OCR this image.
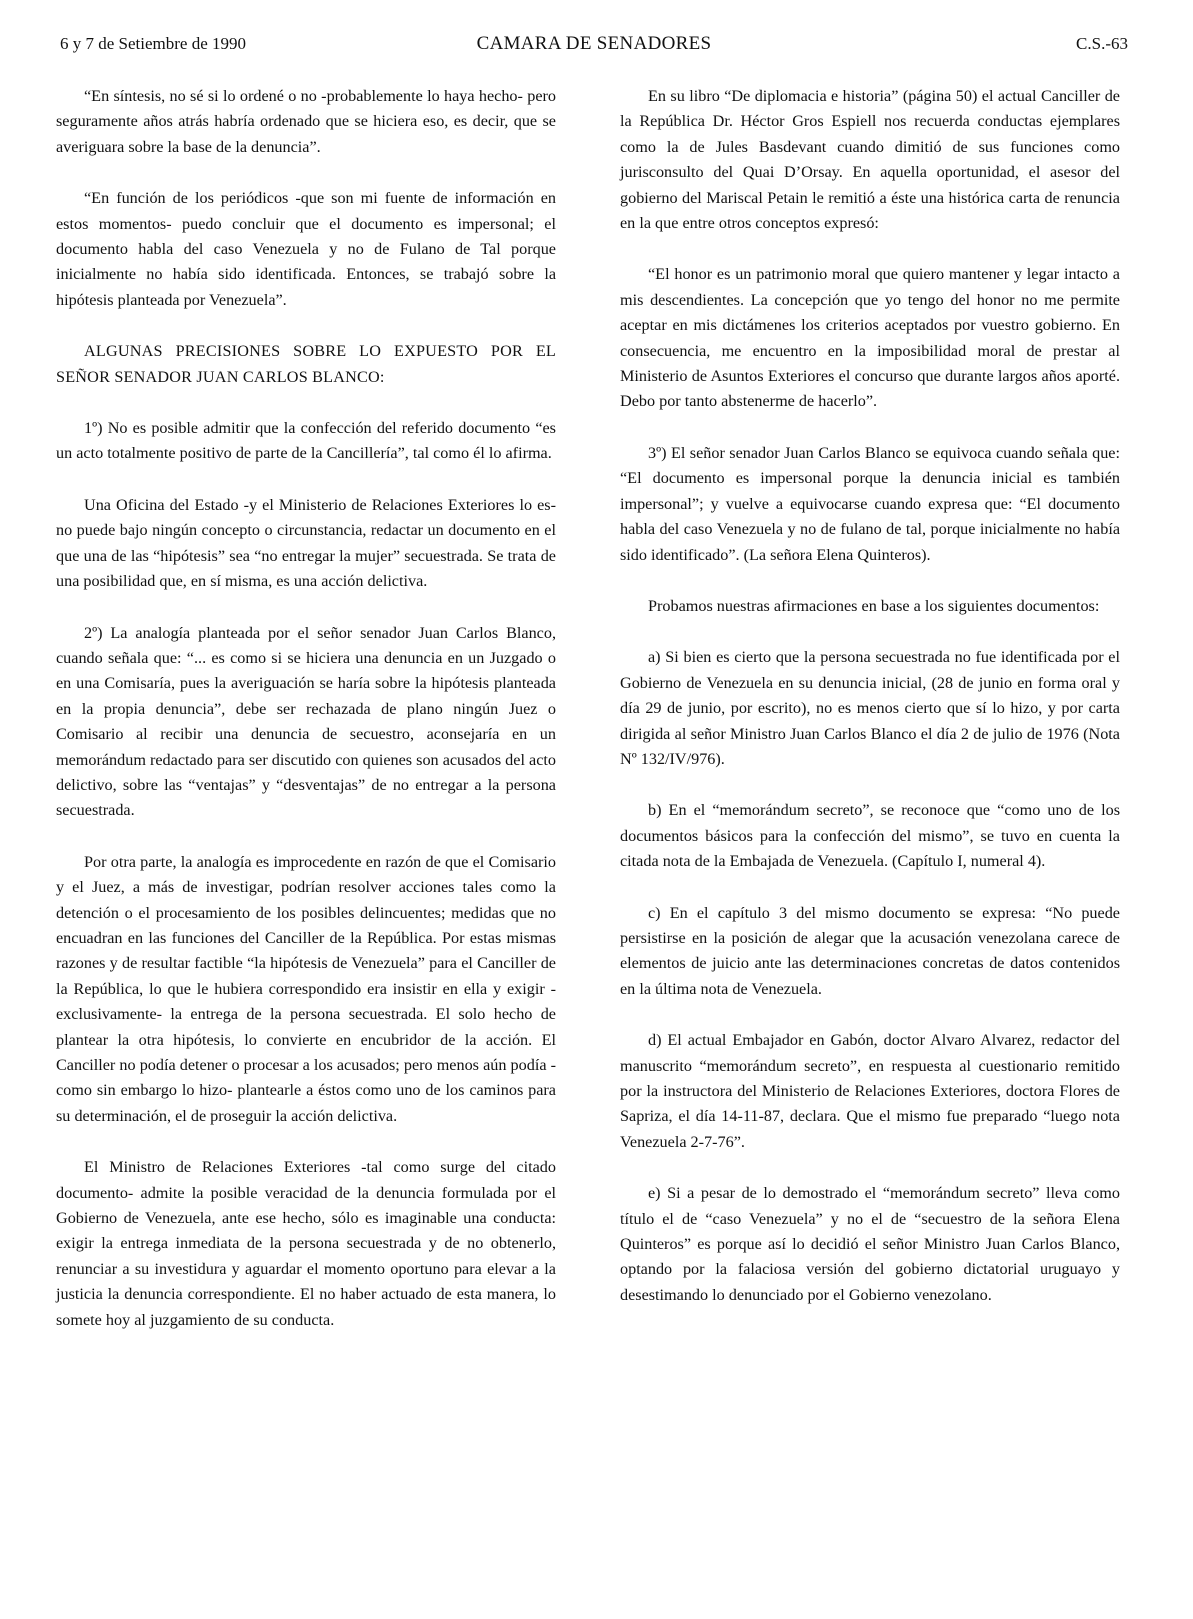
6 y 7 de Setiembre de 1990	CAMARA DE SENADORES	C.S.-63

“En síntesis, no sé si lo ordené o no -probablemente lo haya hecho- pero seguramente años atrás habría ordenado que se hiciera eso, es decir, que se averiguara sobre la base de la denuncia”.

“En función de los periódicos -que son mi fuente de información en estos momentos- puedo concluir que el documento es impersonal; el documento habla del caso Venezuela y no de Fulano de Tal porque inicialmente no había sido identificada. Entonces, se trabajó sobre la hipótesis planteada por Venezuela”.

ALGUNAS PRECISIONES SOBRE LO EXPUESTO POR EL SEÑOR SENADOR JUAN CARLOS BLANCO:

1º) No es posible admitir que la confección del referido documento “es un acto totalmente positivo de parte de la Cancillería”, tal como él lo afirma.

Una Oficina del Estado -y el Ministerio de Relaciones Exteriores lo es- no puede bajo ningún concepto o circunstancia, redactar un documento en el que una de las “hipótesis” sea “no entregar la mujer” secuestrada. Se trata de una posibilidad que, en sí misma, es una acción delictiva.

2º) La analogía planteada por el señor senador Juan Carlos Blanco, cuando señala que: “... es como si se hiciera una denuncia en un Juzgado o en una Comisaría, pues la averiguación se haría sobre la hipótesis planteada en la propia denuncia”, debe ser rechazada de plano ningún Juez o Comisario al recibir una denuncia de secuestro, aconsejaría en un memorándum redactado para ser discutido con quienes son acusados del acto delictivo, sobre las “ventajas” y “desventajas” de no entregar a la persona secuestrada.

Por otra parte, la analogía es improcedente en razón de que el Comisario y el Juez, a más de investigar, podrían resolver acciones tales como la detención o el procesamiento de los posibles delincuentes; medidas que no encuadran en las funciones del Canciller de la República. Por estas mismas razones y de resultar factible “la hipótesis de Venezuela” para el Canciller de la República, lo que le hubiera correspondido era insistir en ella y exigir -exclusivamente- la entrega de la persona secuestrada. El solo hecho de plantear la otra hipótesis, lo convierte en encubridor de la acción. El Canciller no podía detener o procesar a los acusados; pero menos aún podía -como sin embargo lo hizo- plantearle a éstos como uno de los caminos para su determinación, el de proseguir la acción delictiva.

El Ministro de Relaciones Exteriores -tal como surge del citado documento- admite la posible veracidad de la denuncia formulada por el Gobierno de Venezuela, ante ese hecho, sólo es imaginable una conducta: exigir la entrega inmediata de la persona secuestrada y de no obtenerlo, renunciar a su investidura y aguardar el momento oportuno para elevar a la justicia la denuncia correspondiente. El no haber actuado de esta manera, lo somete hoy al juzgamiento de su conducta.

En su libro “De diplomacia e historia” (página 50) el actual Canciller de la República Dr. Héctor Gros Espiell nos recuerda conductas ejemplares como la de Jules Basdevant cuando dimitió de sus funciones como jurisconsulto del Quai D’Orsay. En aquella oportunidad, el asesor del gobierno del Mariscal Petain le remitió a éste una histórica carta de renuncia en la que entre otros conceptos expresó:

“El honor es un patrimonio moral que quiero mantener y legar intacto a mis descendientes. La concepción que yo tengo del honor no me permite aceptar en mis dictámenes los criterios aceptados por vuestro gobierno. En consecuencia, me encuentro en la imposibilidad moral de prestar al Ministerio de Asuntos Exteriores el concurso que durante largos años aporté. Debo por tanto abstenerme de hacerlo”.

3º) El señor senador Juan Carlos Blanco se equivoca cuando señala que: “El documento es impersonal porque la denuncia inicial es también impersonal”; y vuelve a equivocarse cuando expresa que: “El documento habla del caso Venezuela y no de fulano de tal, porque inicialmente no había sido identificado”. (La señora Elena Quinteros).

Probamos nuestras afirmaciones en base a los siguientes documentos:

a) Si bien es cierto que la persona secuestrada no fue identificada por el Gobierno de Venezuela en su denuncia inicial, (28 de junio en forma oral y día 29 de junio, por escrito), no es menos cierto que sí lo hizo, y por carta dirigida al señor Ministro Juan Carlos Blanco el día 2 de julio de 1976 (Nota Nº 132/IV/976).

b) En el “memorándum secreto”, se reconoce que “como uno de los documentos básicos para la confección del mismo”, se tuvo en cuenta la citada nota de la Embajada de Venezuela. (Capítulo I, numeral 4).

c) En el capítulo 3 del mismo documento se expresa: “No puede persistirse en la posición de alegar que la acusación venezolana carece de elementos de juicio ante las determinaciones concretas de datos contenidos en la última nota de Venezuela.

d) El actual Embajador en Gabón, doctor Alvaro Alvarez, redactor del manuscrito “memorándum secreto”, en respuesta al cuestionario remitido por la instructora del Ministerio de Relaciones Exteriores, doctora Flores de Sapriza, el día 14-11-87, declara. Que el mismo fue preparado “luego nota Venezuela 2-7-76”.

e) Si a pesar de lo demostrado el “memorándum secreto” lleva como título el de “caso Venezuela” y no el de “secuestro de la señora Elena Quinteros” es porque así lo decidió el señor Ministro Juan Carlos Blanco, optando por la falaciosa versión del gobierno dictatorial uruguayo y desestimando lo denunciado por el Gobierno venezolano.
